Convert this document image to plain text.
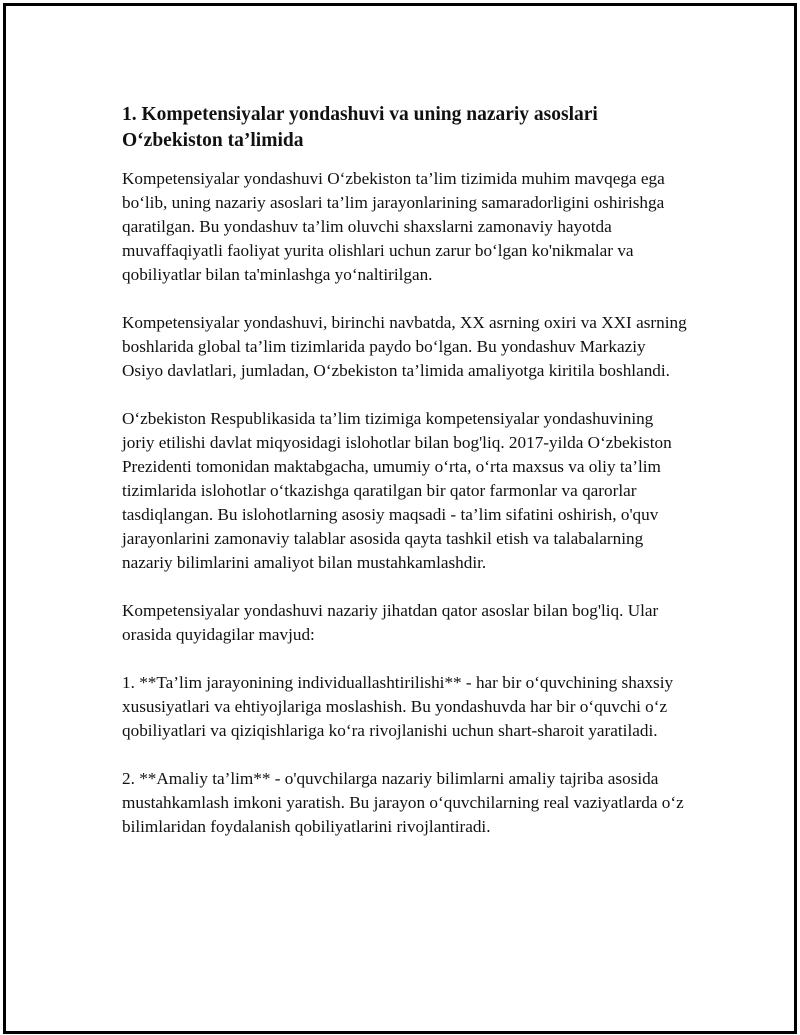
1. Kompetensiyalar yondashuvi va uning nazariy asoslari
O‘zbekiston ta’limida

Kompetensiyalar yondashuvi O‘zbekiston ta’lim tizimida muhim mavqega ega bo‘lib, uning nazariy asoslari ta’lim jarayonlarining samaradorligini oshirishga qaratilgan. Bu yondashuv ta’lim oluvchi shaxslarni zamonaviy hayotda muvaffaqiyatli faoliyat yurita olishlari uchun zarur bo‘lgan ko'nikmalar va qobiliyatlar bilan ta'minlashga yo‘naltirilgan.

Kompetensiyalar yondashuvi, birinchi navbatda, XX asrning oxiri va XXI asrning boshlarida global ta’lim tizimlarida paydo bo‘lgan. Bu yondashuv Markaziy Osiyo davlatlari, jumladan, O‘zbekiston ta’limida amaliyotga kiritila boshlandi.

O‘zbekiston Respublikasida ta’lim tizimiga kompetensiyalar yondashuvining joriy etilishi davlat miqyosidagi islohotlar bilan bog'liq. 2017-yilda O‘zbekiston Prezidenti tomonidan maktabgacha, umumiy o‘rta, o‘rta maxsus va oliy ta’lim tizimlarida islohotlar o‘tkazishga qaratilgan bir qator farmonlar va qarorlar tasdiqlangan. Bu islohotlarning asosiy maqsadi - ta’lim sifatini oshirish, o'quv jarayonlarini zamonaviy talablar asosida qayta tashkil etish va talabalarning nazariy bilimlarini amaliyot bilan mustahkamlashdir.

Kompetensiyalar yondashuvi nazariy jihatdan qator asoslar bilan bog'liq. Ular orasida quyidagilar mavjud:

1. **Ta’lim jarayonining individuallashtirilishi** - har bir o‘quvchining shaxsiy xususiyatlari va ehtiyojlariga moslashish. Bu yondashuvda har bir o‘quvchi o‘z qobiliyatlari va qiziqishlariga ko‘ra rivojlanishi uchun shart-sharoit yaratiladi.

2. **Amaliy ta’lim** - o'quvchilarga nazariy bilimlarni amaliy tajriba asosida mustahkamlash imkoni yaratish. Bu jarayon o‘quvchilarning real vaziyatlarda o‘z bilimlaridan foydalanish qobiliyatlarini rivojlantiradi.
